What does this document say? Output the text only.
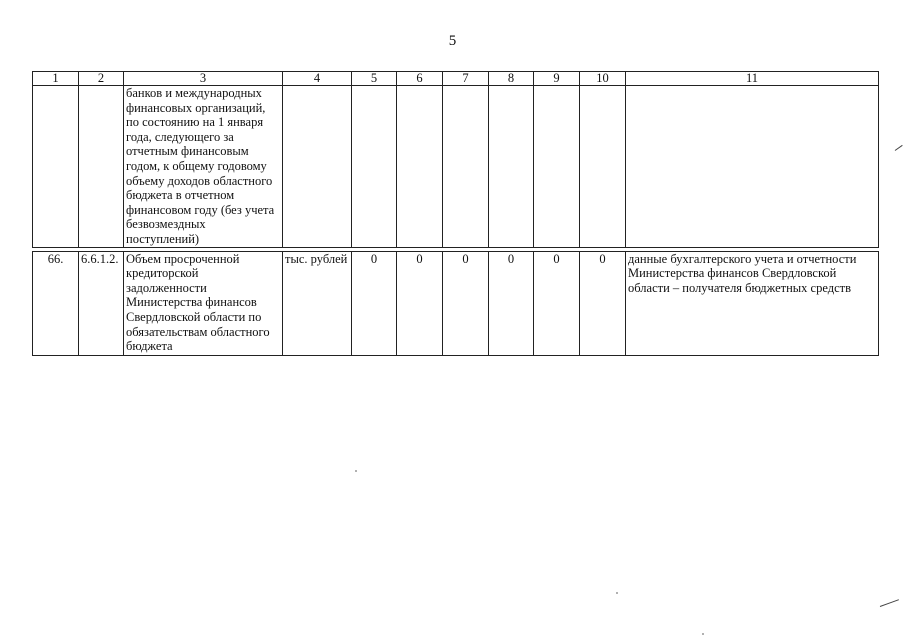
5
1	2	3	4	5	6	7	8	9	10	11
		банков и международных финансовых организаций, по состоянию на 1 января года, следующего за отчетным финансовым годом, к общему годовому объему доходов областного бюджета в отчетном финансовом году (без учета безвозмездных поступлений)								

66.	6.6.1.2.	Объем просроченной кредиторской задолженности Министерства финансов Свердловской области по обязательствам областного бюджета	тыс. рублей	0	0	0	0	0	0	данные бухгалтерского учета и отчетности Министерства финансов Свердловской области – получателя бюджетных средств
